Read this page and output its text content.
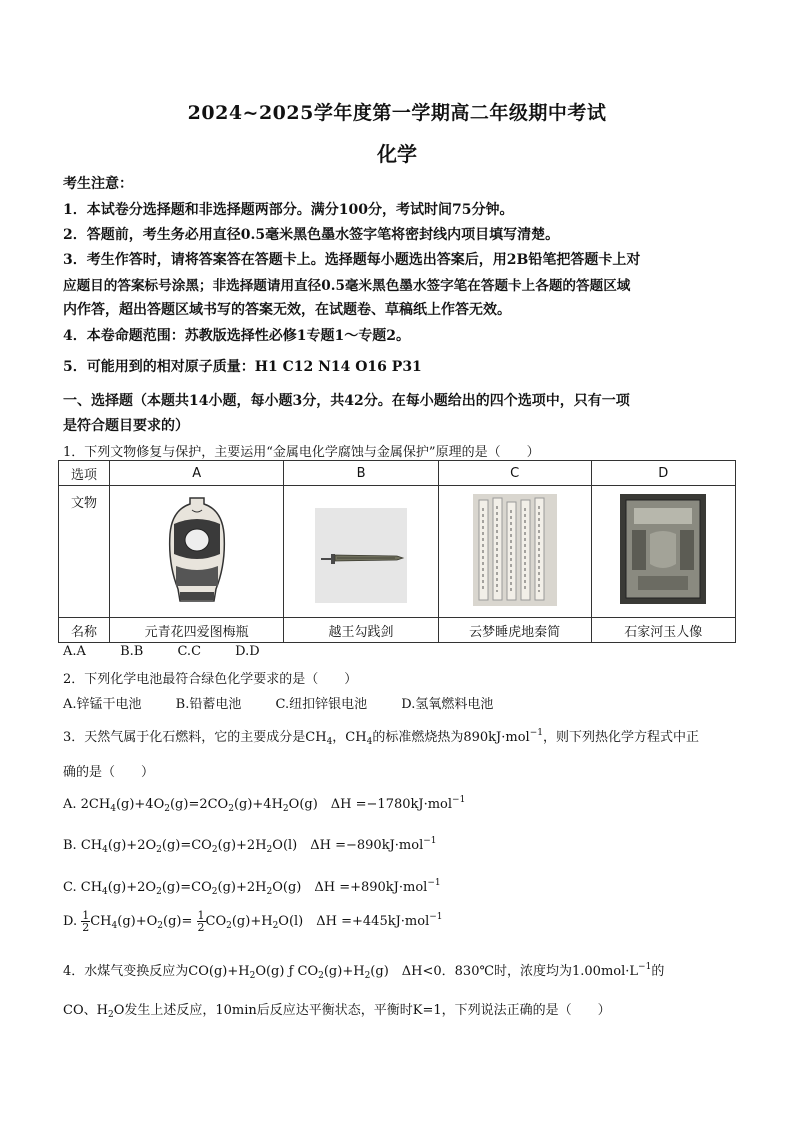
2024~2025学年度第一学期高二年级期中考试
化学
考生注意：
1．本试卷分选择题和非选择题两部分。满分100分，考试时间75分钟。
2．答题前，考生务必用直径0.5毫米黑色墨水签字笔将密封线内项目填写清楚。
3．考生作答时，请将答案答在答题卡上。选择题每小题选出答案后，用2B铅笔把答题卡上对
应题目的答案标号涂黑；非选择题请用直径0.5毫米黑色墨水签字笔在答题卡上各题的答题区域
内作答，超出答题区域书写的答案无效，在试题卷、草稿纸上作答无效。
4．本卷命题范围：苏教版选择性必修1专题1～专题2。
5．可能用到的相对原子质量：H1 C12 N14 O16 P31
一、选择题（本题共14小题，每小题3分，共42分。在每小题给出的四个选项中，只有一项
是符合题目要求的）
1．下列文物修复与保护，主要运用“金属电化学腐蚀与金属保护”原理的是（　　）
选项	A	B	C	D
文物	

名称	元青花四爱图梅瓶	越王勾践剑	云梦睡虎地秦简	石家河玉人像
A.A	B.B	C.C	D.D
2．下列化学电池最符合绿色化学要求的是（　　）
A.锌锰干电池	B.铅蓄电池	C.纽扣锌银电池	D.氢氧燃料电池
3．天然气属于化石燃料，它的主要成分是$CH_4$，$CH_4$的标准燃烧热为890kJ·mol$^{-1}$，则下列热化学方程式中正
确的是（　　）
A. $2CH_4(g)+4O_2(g)=2CO_2(g)+4H_2O(g)$　ΔH =−1780kJ·mol$^{-1}$
B. $CH_4(g)+2O_2(g)=CO_2(g)+2H_2O(l)$　ΔH =−890kJ·mol$^{-1}$
C. $CH_4(g)+2O_2(g)=CO_2(g)+2H_2O(g)$　ΔH =+890kJ·mol$^{-1}$
D. $\frac{1}{2} CH_4(g)+O_2(g)= \frac{1}{2} CO_2(g)+H_2O(l)$　ΔH =+445kJ·mol$^{-1}$
4．水煤气变换反应为$CO(g)+H_2O(g)$ ƒ $CO_2(g)+H_2(g)$　ΔH<0．830℃时，浓度均为$1.00mol\cdot L^{-1}$的
CO、$H_2O$发生上述反应，10min后反应达平衡状态，平衡时K=1，下列说法正确的是（　　）
